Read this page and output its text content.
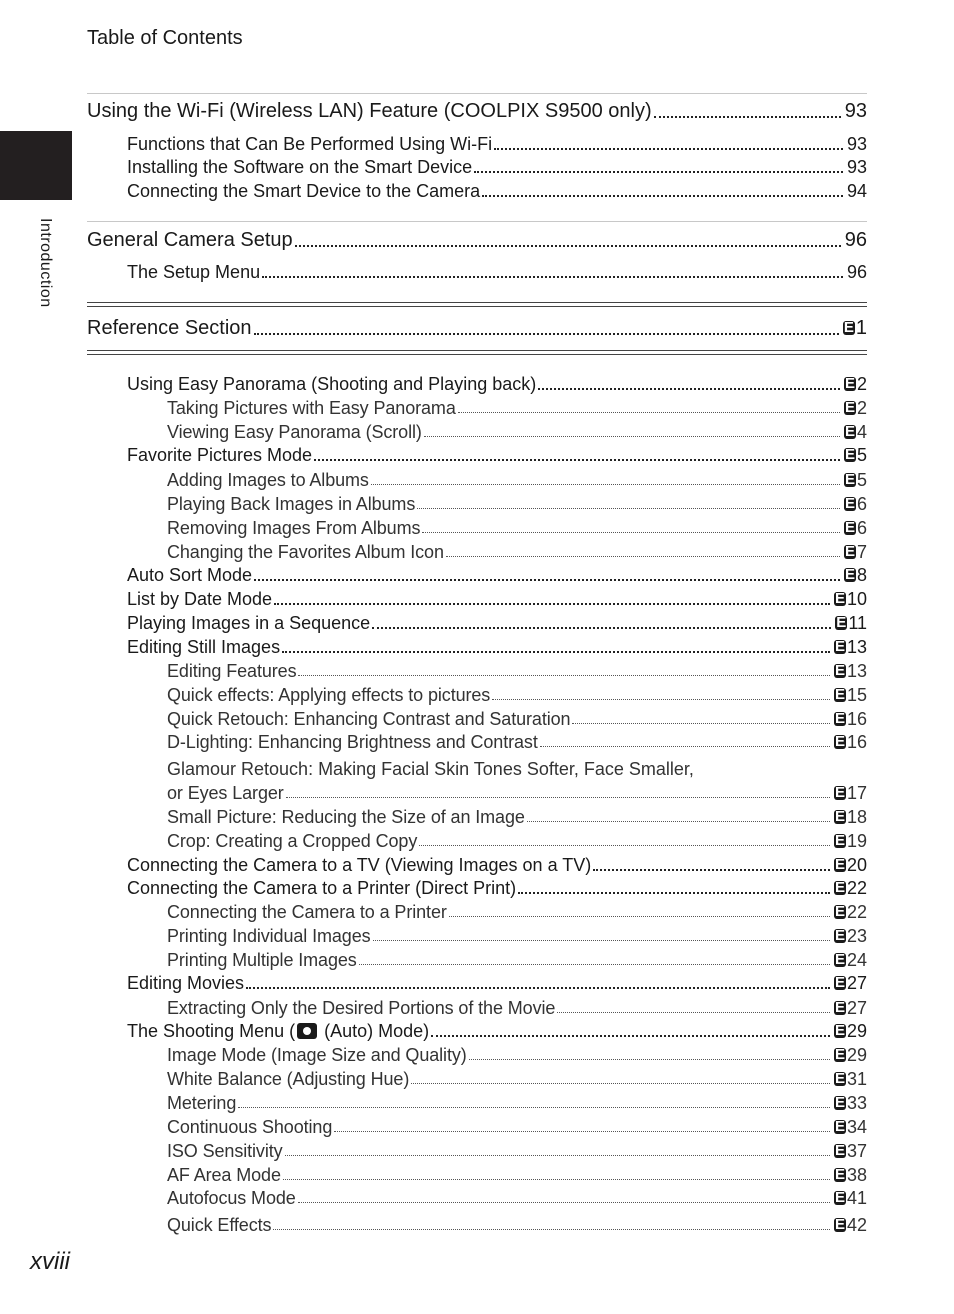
Table of Contents
Introduction
Using the Wi-Fi (Wireless LAN) Feature (COOLPIX S9500 only)	93
Functions that Can Be Performed Using Wi-Fi	93
Installing the Software on the Smart Device	93
Connecting the Smart Device to the Camera	94
General Camera Setup	96
The Setup Menu	96
Reference Section	E 1
Using Easy Panorama (Shooting and Playing back)	E 2
Taking Pictures with Easy Panorama	E 2
Viewing Easy Panorama (Scroll)	E 4
Favorite Pictures Mode	E 5
Adding Images to Albums	E 5
Playing Back Images in Albums	E 6
Removing Images From Albums	E 6
Changing the Favorites Album Icon	E 7
Auto Sort Mode	E 8
List by Date Mode	E 10
Playing Images in a Sequence	E 11
Editing Still Images	E 13
Editing Features	E 13
Quick effects: Applying effects to pictures	E 15
Quick Retouch: Enhancing Contrast and Saturation	E 16
D-Lighting: Enhancing Brightness and Contrast	E 16
Glamour Retouch: Making Facial Skin Tones Softer, Face Smaller,
or Eyes Larger	E 17
Small Picture: Reducing the Size of an Image	E 18
Crop: Creating a Cropped Copy	E 19
Connecting the Camera to a TV (Viewing Images on a TV)	E 20
Connecting the Camera to a Printer (Direct Print)	E 22
Connecting the Camera to a Printer	E 22
Printing Individual Images	E 23
Printing Multiple Images	E 24
Editing Movies	E 27
Extracting Only the Desired Portions of the Movie	E 27
The Shooting Menu ( (Auto) Mode)	E 29
Image Mode (Image Size and Quality)	E 29
White Balance (Adjusting Hue)	E 31
Metering	E 33
Continuous Shooting	E 34
ISO Sensitivity	E 37
AF Area Mode	E 38
Autofocus Mode	E 41
Quick Effects	E 42
xviii
